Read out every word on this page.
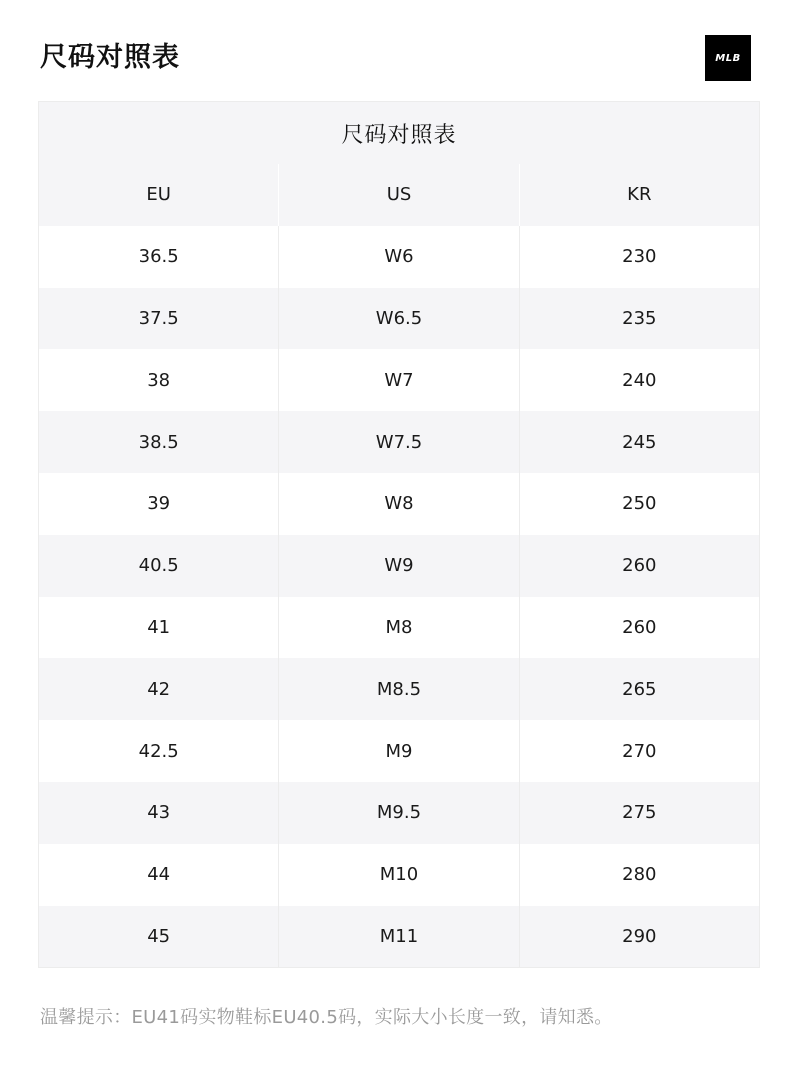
尺码对照表	MLB
尺码对照表
EU	US	KR
36.5	W6	230
37.5	W6.5	235
38	W7	240
38.5	W7.5	245
39	W8	250
40.5	W9	260
41	M8	260
42	M8.5	265
42.5	M9	270
43	M9.5	275
44	M10	280
45	M11	290
温馨提示：EU41码实物鞋标EU40.5码，实际大小长度一致，请知悉。
